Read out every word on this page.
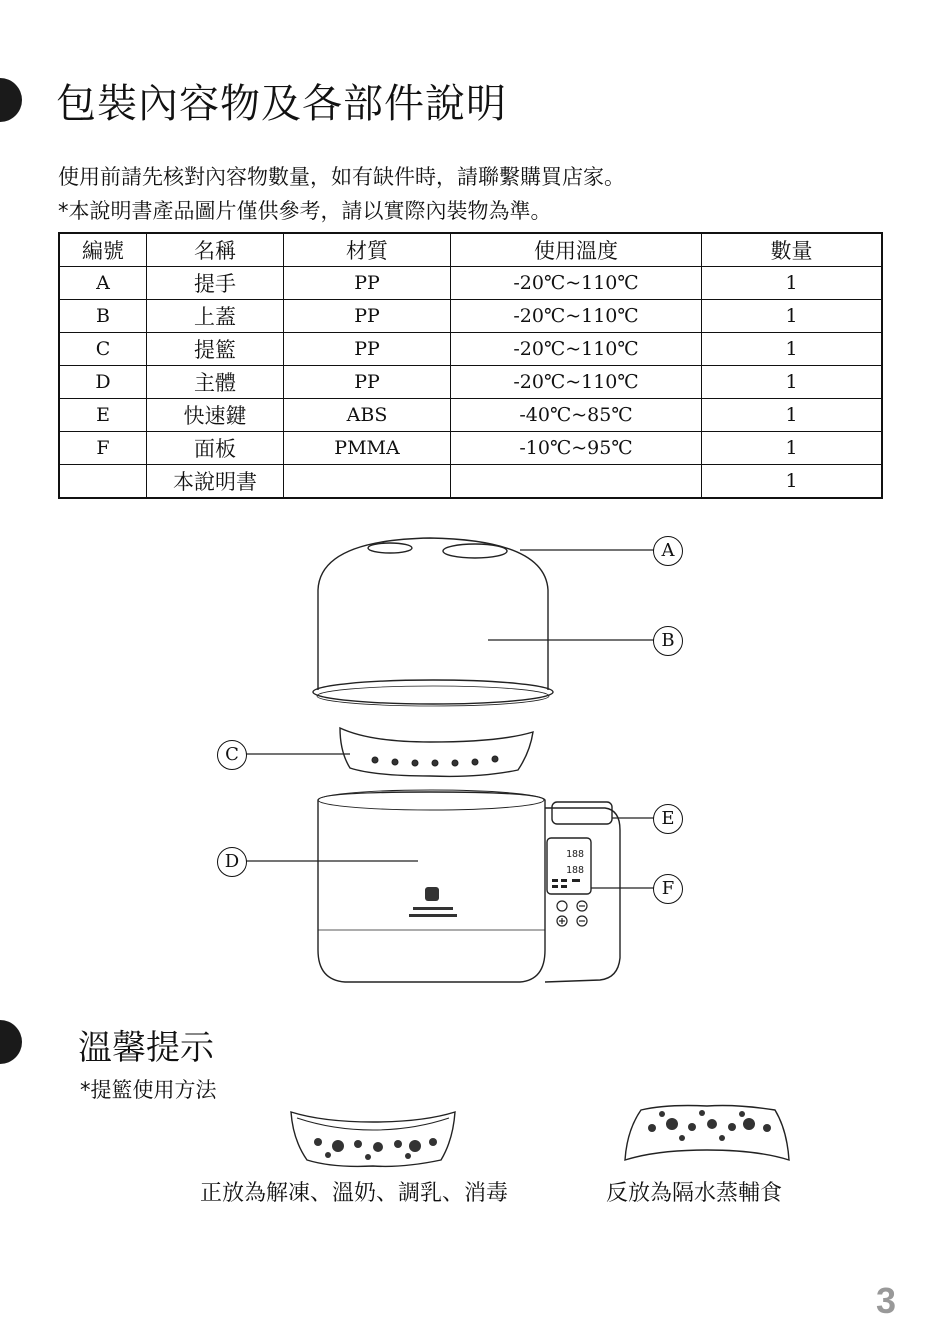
包裝內容物及各部件說明
使用前請先核對內容物數量，如有缺件時，請聯繫購買店家。
*本說明書產品圖片僅供參考，請以實際內裝物為準。
編號	名稱	材質	使用溫度	數量
A	提手	PP	-20℃~110℃	1
B	上蓋	PP	-20℃~110℃	1
C	提籃	PP	-20℃~110℃	1
D	主體	PP	-20℃~110℃	1
E	快速鍵	ABS	-40℃~85℃	1
F	面板	PMMA	-10℃~95℃	1
	本說明書			1
188
188
A
B
C
D
E
F
溫馨提示
*提籃使用方法
正放為解凍、溫奶、調乳、消毒	反放為隔水蒸輔食
3
